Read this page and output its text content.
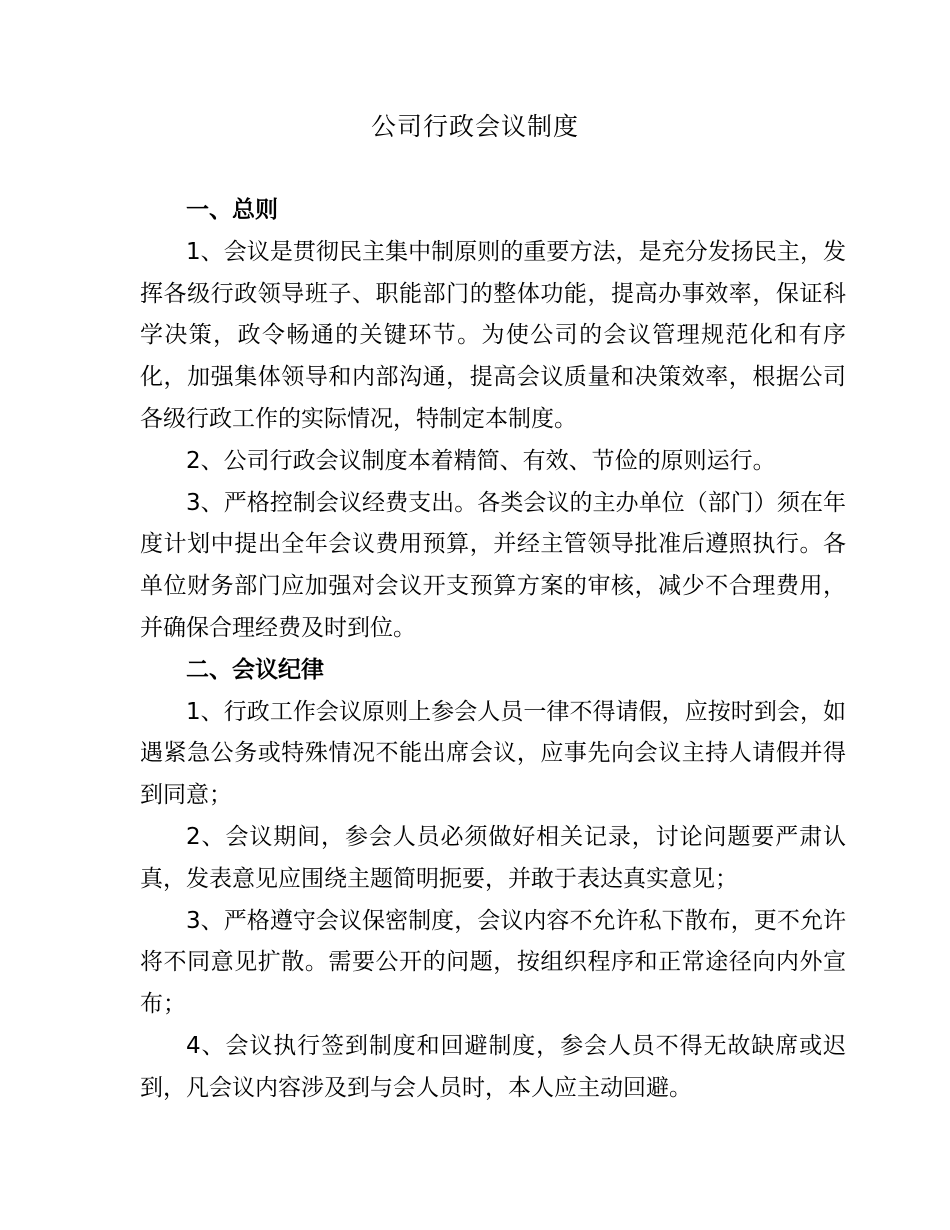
公司行政会议制度
一、总则

1、会议是贯彻民主集中制原则的重要方法，是充分发扬民主，发挥各级行政领导班子、职能部门的整体功能，提高办事效率，保证科学决策，政令畅通的关键环节。为使公司的会议管理规范化和有序化，加强集体领导和内部沟通，提高会议质量和决策效率，根据公司各级行政工作的实际情况，特制定本制度。

2、公司行政会议制度本着精简、有效、节俭的原则运行。

3、严格控制会议经费支出。各类会议的主办单位（部门）须在年度计划中提出全年会议费用预算，并经主管领导批准后遵照执行。各单位财务部门应加强对会议开支预算方案的审核，减少不合理费用，并确保合理经费及时到位。

二、会议纪律

1、行政工作会议原则上参会人员一律不得请假，应按时到会，如遇紧急公务或特殊情况不能出席会议，应事先向会议主持人请假并得到同意；

2、会议期间，参会人员必须做好相关记录，讨论问题要严肃认真，发表意见应围绕主题简明扼要，并敢于表达真实意见；

3、严格遵守会议保密制度，会议内容不允许私下散布，更不允许将不同意见扩散。需要公开的问题，按组织程序和正常途径向内外宣布；

4、会议执行签到制度和回避制度，参会人员不得无故缺席或迟到，凡会议内容涉及到与会人员时，本人应主动回避。
